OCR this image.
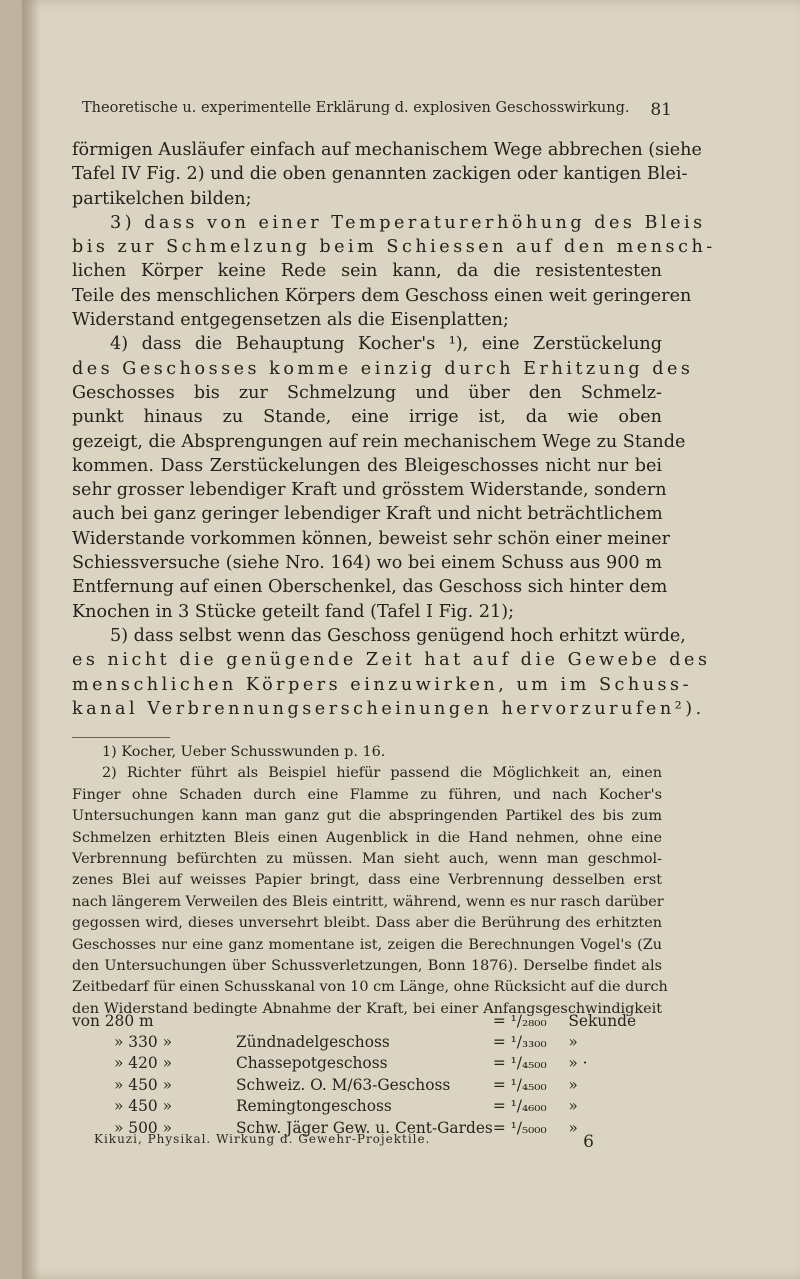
Theoretische u. experimentelle Erklärung d. explosiven Geschosswirkung. 81
förmigen Ausläufer einfach auf mechanischem Wege abbrechen (siehe
Tafel IV Fig. 2) und die oben genannten zackigen oder kantigen Blei-
partikelchen bilden;
3) dass von einer Temperaturerhöhung des Bleis
bis zur Schmelzung beim Schiessen auf den mensch-
lichen Körper keine Rede sein kann, da die resistentesten
Teile des menschlichen Körpers dem Geschoss einen weit geringeren
Widerstand entgegensetzen als die Eisenplatten;
4) dass die Behauptung Kocher's ¹), eine Zerstückelung
des Geschosses komme einzig durch Erhitzung des
Geschosses bis zur Schmelzung und über den Schmelz-
punkt hinaus zu Stande, eine irrige ist, da wie oben
gezeigt, die Absprengungen auf rein mechanischem Wege zu Stande
kommen. Dass Zerstückelungen des Bleigeschosses nicht nur bei
sehr grosser lebendiger Kraft und grösstem Widerstande, sondern
auch bei ganz geringer lebendiger Kraft und nicht beträchtlichem
Widerstande vorkommen können, beweist sehr schön einer meiner
Schiessversuche (siehe Nro. 164) wo bei einem Schuss aus 900 m
Entfernung auf einen Oberschenkel, das Geschoss sich hinter dem
Knochen in 3 Stücke geteilt fand (Tafel I Fig. 21);
5) dass selbst wenn das Geschoss genügend hoch erhitzt würde,
es nicht die genügende Zeit hat auf die Gewebe des
menschlichen Körpers einzuwirken, um im Schuss-
kanal Verbrennungserscheinungen hervorzurufen²).
1) Kocher, Ueber Schusswunden p. 16.
2) Richter führt als Beispiel hiefür passend die Möglichkeit an, einen
Finger ohne Schaden durch eine Flamme zu führen, und nach Kocher's
Untersuchungen kann man ganz gut die abspringenden Partikel des bis zum
Schmelzen erhitzten Bleis einen Augenblick in die Hand nehmen, ohne eine
Verbrennung befürchten zu müssen. Man sieht auch, wenn man geschmol-
zenes Blei auf weisses Papier bringt, dass eine Verbrennung desselben erst
nach längerem Verweilen des Bleis eintritt, während, wenn es nur rasch darüber
gegossen wird, dieses unversehrt bleibt. Dass aber die Berührung des erhitzten
Geschosses nur eine ganz momentane ist, zeigen die Berechnungen Vogel's (Zu
den Untersuchungen über Schussverletzungen, Bonn 1876). Derselbe findet als
Zeitbedarf für einen Schusskanal von 10 cm Länge, ohne Rücksicht auf die durch
den Widerstand bedingte Abnahme der Kraft, bei einer Anfangsgeschwindigkeit
von 280 m		= ¹/₂₈₀₀	Sekunde
» 330 »	Zündnadelgeschoss	= ¹/₃₃₀₀	»
» 420 »	Chassepotgeschoss	= ¹/₄₅₀₀	» ·
» 450 »	Schweiz. O. M/63-Geschoss	= ¹/₄₅₀₀	»
» 450 »	Remingtongeschoss	= ¹/₄₆₀₀	»
» 500 »	Schw. Jäger Gew. u. Cent-Gardes	= ¹/₅₀₀₀	»
Kikuzi, Physikal. Wirkung d. Gewehr-Projektile.	6
